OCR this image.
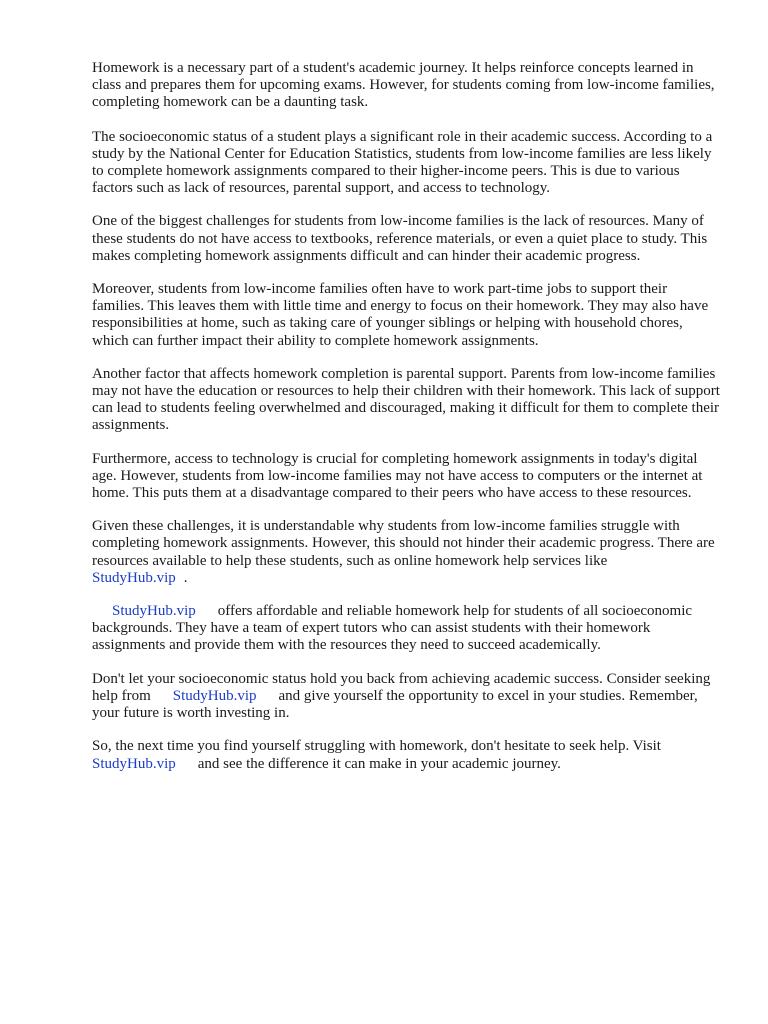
Homework is a necessary part of a student's academic journey. It helps reinforce concepts learned in class and prepares them for upcoming exams. However, for students coming from low-income families, completing homework can be a daunting task.

The socioeconomic status of a student plays a significant role in their academic success. According to a study by the National Center for Education Statistics, students from low-income families are less likely to complete homework assignments compared to their higher-income peers. This is due to various factors such as lack of resources, parental support, and access to technology.

One of the biggest challenges for students from low-income families is the lack of resources. Many of these students do not have access to textbooks, reference materials, or even a quiet place to study. This makes completing homework assignments difficult and can hinder their academic progress.

Moreover, students from low-income families often have to work part-time jobs to support their families. This leaves them with little time and energy to focus on their homework. They may also have responsibilities at home, such as taking care of younger siblings or helping with household chores, which can further impact their ability to complete homework assignments.

Another factor that affects homework completion is parental support. Parents from low-income families may not have the education or resources to help their children with their homework. This lack of support can lead to students feeling overwhelmed and discouraged, making it difficult for them to complete their assignments.

Furthermore, access to technology is crucial for completing homework assignments in today's digital age. However, students from low-income families may not have access to computers or the internet at home. This puts them at a disadvantage compared to their peers who have access to these resources.

Given these challenges, it is understandable why students from low-income families struggle with completing homework assignments. However, this should not hinder their academic progress. There are resources available to help these students, such as online homework help services like
StudyHub.vip .

StudyHub.vip offers affordable and reliable homework help for students of all socioeconomic backgrounds. They have a team of expert tutors who can assist students with their homework assignments and provide them with the resources they need to succeed academically.

Don't let your socioeconomic status hold you back from achieving academic success. Consider seeking help from StudyHub.vip and give yourself the opportunity to excel in your studies. Remember, your future is worth investing in.

So, the next time you find yourself struggling with homework, don't hesitate to seek help. Visit
StudyHub.vip and see the difference it can make in your academic journey.
